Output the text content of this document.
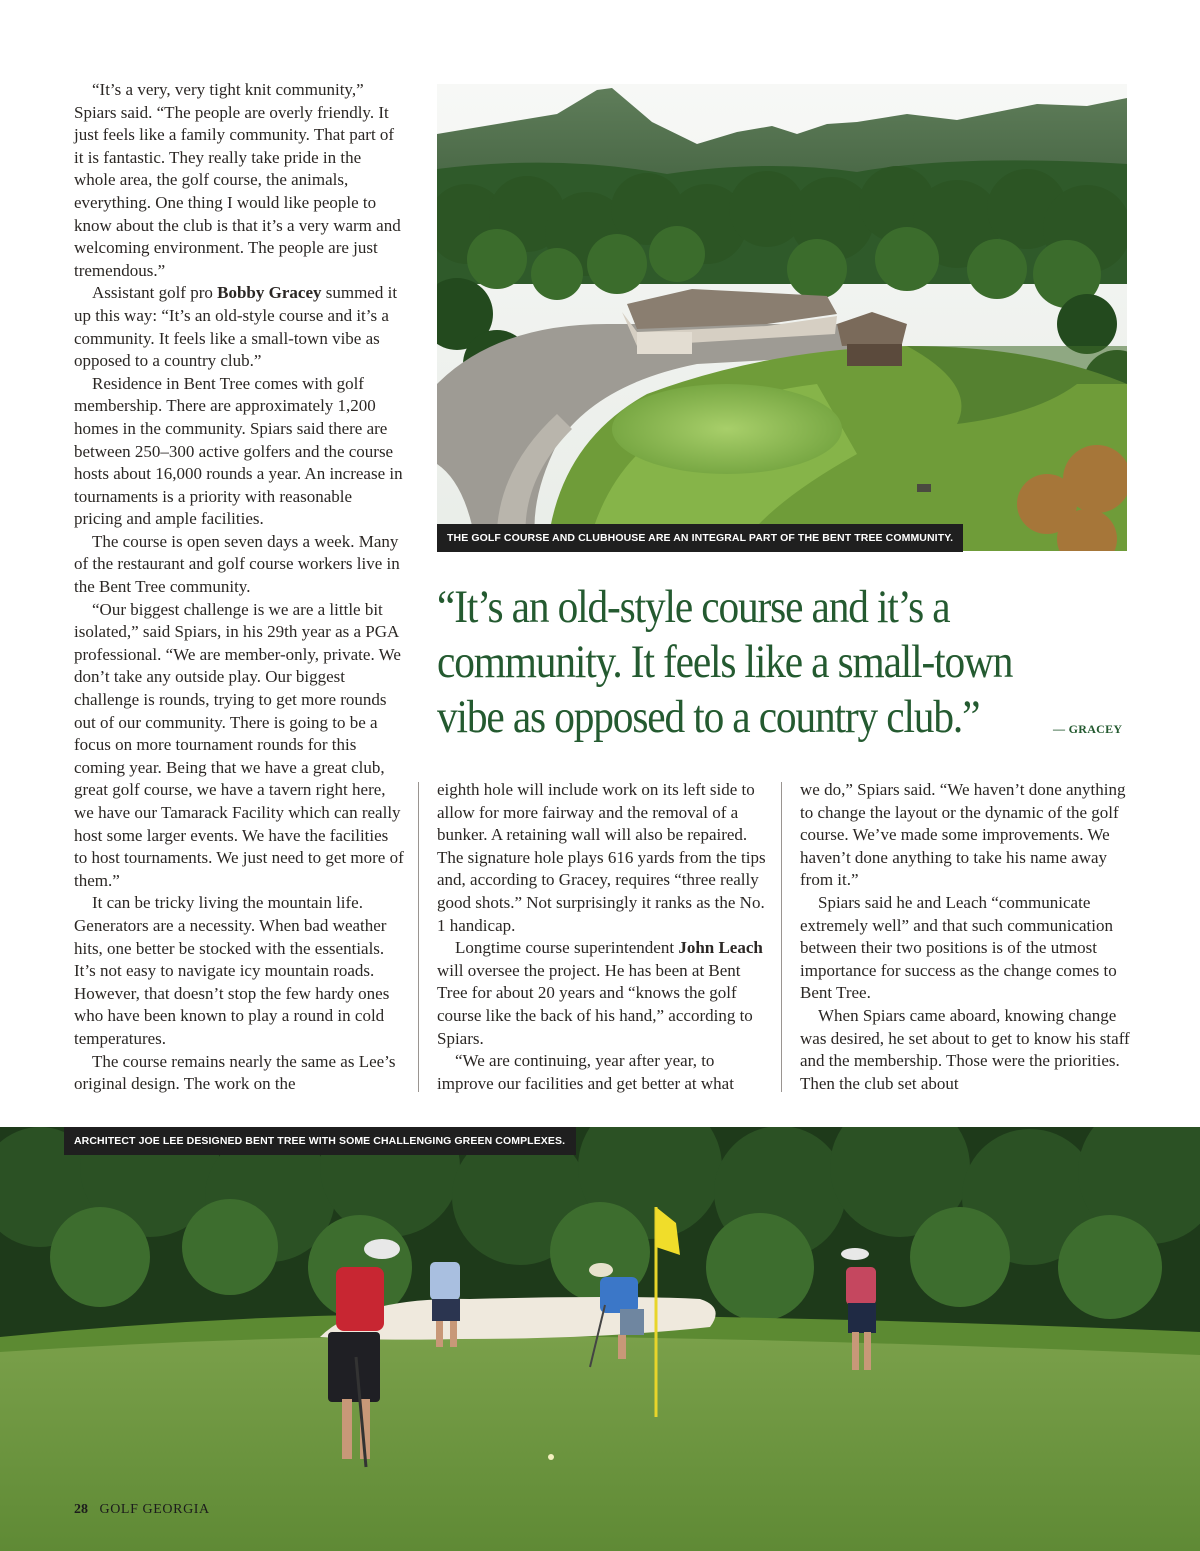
“It’s a very, very tight knit community,” Spiars said. “The people are overly friendly. It just feels like a family community. That part of it is fantastic. They really take pride in the whole area, the golf course, the animals, everything. One thing I would like people to know about the club is that it’s a very warm and welcoming environment. The people are just tremendous.”

Assistant golf pro Bobby Gracey summed it up this way: “It’s an old-style course and it’s a community. It feels like a small-town vibe as opposed to a country club.”

Residence in Bent Tree comes with golf membership. There are approximately 1,200 homes in the community. Spiars said there are between 250–300 active golfers and the course hosts about 16,000 rounds a year. An increase in tournaments is a priority with reasonable pricing and ample facilities.

The course is open seven days a week. Many of the restaurant and golf course workers live in the Bent Tree community.

“Our biggest challenge is we are a little bit isolated,” said Spiars, in his 29th year as a PGA professional. “We are member-only, private. We don’t take any outside play. Our biggest challenge is rounds, trying to get more rounds out of our community. There is going to be a focus on more tournament rounds for this coming year. Being that we have a great club, great golf course, we have a tavern right here, we have our Tamarack Facility which can really host some larger events. We have the facilities to host tournaments. We just need to get more of them.”

It can be tricky living the mountain life. Generators are a necessity. When bad weather hits, one better be stocked with the essentials. It’s not easy to navigate icy mountain roads. However, that doesn’t stop the few hardy ones who have been known to play a round in cold temperatures.

The course remains nearly the same as Lee’s original design. The work on the

THE GOLF COURSE AND CLUBHOUSE ARE AN INTEGRAL PART OF THE BENT TREE COMMUNITY.
“It’s an old-style course and it’s a
community. It feels like a small-town
vibe as opposed to a country club.”	— GRACEY

eighth hole will include work on its left side to allow for more fairway and the removal of a bunker. A retaining wall will also be repaired. The signature hole plays 616 yards from the tips and, according to Gracey, requires “three really good shots.” Not surprisingly it ranks as the No. 1 handicap.

Longtime course superintendent John Leach will oversee the project. He has been at Bent Tree for about 20 years and “knows the golf course like the back of his hand,” according to Spiars.

“We are continuing, year after year, to improve our facilities and get better at what

we do,” Spiars said. “We haven’t done anything to change the layout or the dynamic of the golf course. We’ve made some improvements. We haven’t done anything to take his name away from it.”

Spiars said he and Leach “communicate extremely well” and that such communication between their two positions is of the utmost importance for success as the change comes to Bent Tree.

When Spiars came aboard, knowing change was desired, he set about to get to know his staff and the membership. Those were the priorities. Then the club set about

ARCHITECT JOE LEE DESIGNED BENT TREE WITH SOME CHALLENGING GREEN COMPLEXES.
28 GOLF GEORGIA
